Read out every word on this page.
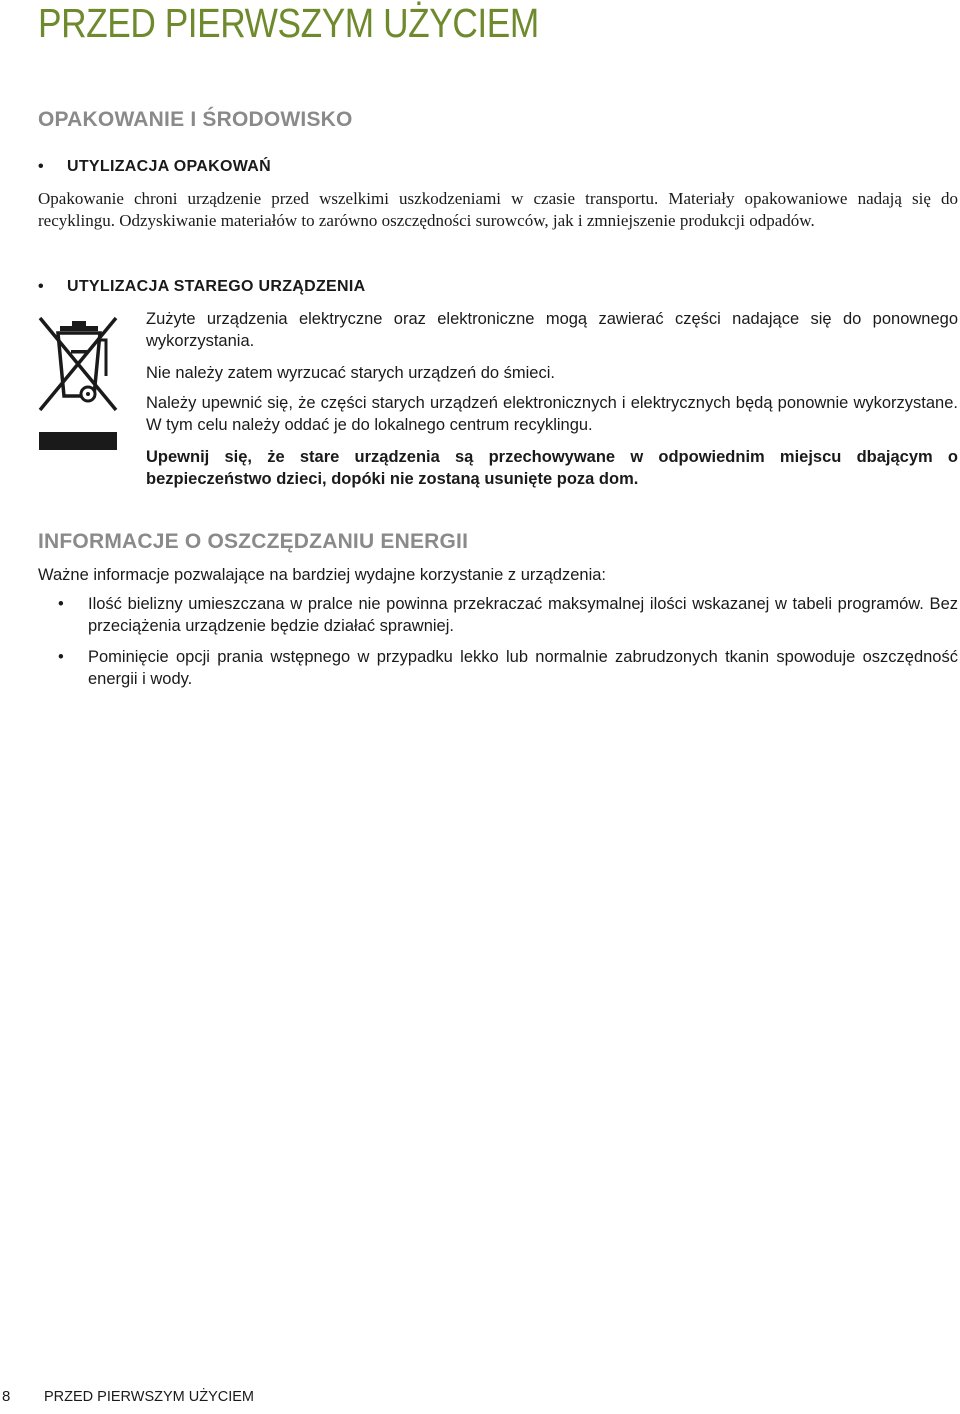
PRZED PIERWSZYM UŻYCIEM
OPAKOWANIE I ŚRODOWISKO
• UTYLIZACJA OPAKOWAŃ

Opakowanie chroni urządzenie przed wszelkimi uszkodzeniami w czasie transportu. Materiały opakowaniowe nadają się do recyklingu. Odzyskiwanie materiałów to zarówno oszczędności surowców, jak i zmniejszenie produkcji odpadów.

• UTYLIZACJA STAREGO URZĄDZENIA

Zużyte urządzenia elektryczne oraz elektroniczne mogą zawierać części nadające się do ponownego wykorzystania.

Nie należy zatem wyrzucać starych urządzeń do śmieci.

Należy upewnić się, że części starych urządzeń elektronicznych i elektrycznych będą ponownie wykorzystane. W tym celu należy oddać je do lokalnego centrum recyklingu.

Upewnij się, że stare urządzenia są przechowywane w odpowiednim miejscu dbającym o bezpieczeństwo dzieci, dopóki nie zostaną usunięte poza dom.

INFORMACJE O OSZCZĘDZANIU ENERGII

Ważne informacje pozwalające na bardziej wydajne korzystanie z urządzenia:

• Ilość bielizny umieszczana w pralce nie powinna przekraczać maksymalnej ilości wskazanej w tabeli programów. Bez przeciążenia urządzenie będzie działać sprawniej.
• Pominięcie opcji prania wstępnego w przypadku lekko lub normalnie zabrudzonych tkanin spowoduje oszczędność energii i wody.
8 PRZED PIERWSZYM UŻYCIEM
